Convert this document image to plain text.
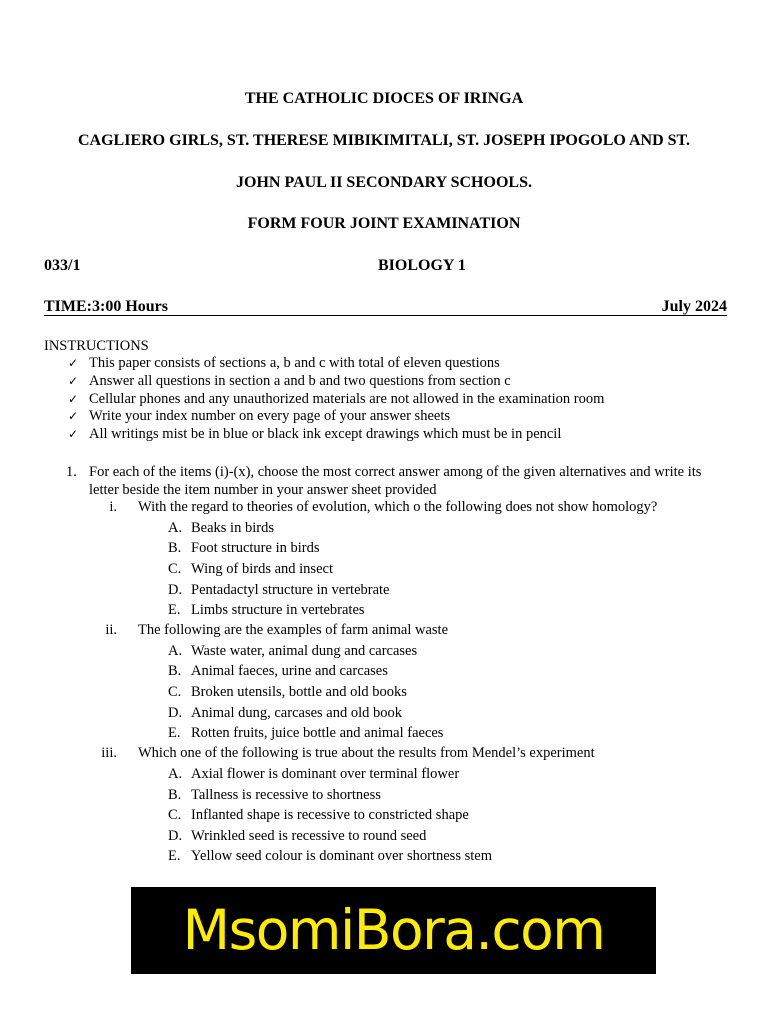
THE CATHOLIC DIOCES OF IRINGA
CAGLIERO GIRLS, ST. THERESE MIBIKIMITALI, ST. JOSEPH IPOGOLO AND ST.
JOHN PAUL II SECONDARY SCHOOLS.
FORM FOUR JOINT EXAMINATION
033/1	BIOLOGY 1
TIME:3:00 Hours	July 2024
INSTRUCTIONS
✓ This paper consists of sections a, b and c with total of eleven questions
✓ Answer all questions in section a and b and two questions from section c
✓ Cellular phones and any unauthorized materials are not allowed in the examination room
✓ Write your index number on every page of your answer sheets
✓ All writings mist be in blue or black ink except drawings which must be in pencil
1. For each of the items (i)-(x), choose the most correct answer among of the given alternatives and write its letter beside the item number in your answer sheet provided
i. With the regard to theories of evolution, which o the following does not show homology?
A. Beaks in birds
B. Foot structure in birds
C. Wing of birds and insect
D. Pentadactyl structure in vertebrate
E. Limbs structure in vertebrates
ii. The following are the examples of farm animal waste
A. Waste water, animal dung and carcases
B. Animal faeces, urine and carcases
C. Broken utensils, bottle and old books
D. Animal dung, carcases and old book
E. Rotten fruits, juice bottle and animal faeces
iii. Which one of the following is true about the results from Mendel’s experiment
A. Axial flower is dominant over terminal flower
B. Tallness is recessive to shortness
C. Inflanted shape is recessive to constricted shape
D. Wrinkled seed is recessive to round seed
E. Yellow seed colour is dominant over shortness stem
MsomiBora.com
